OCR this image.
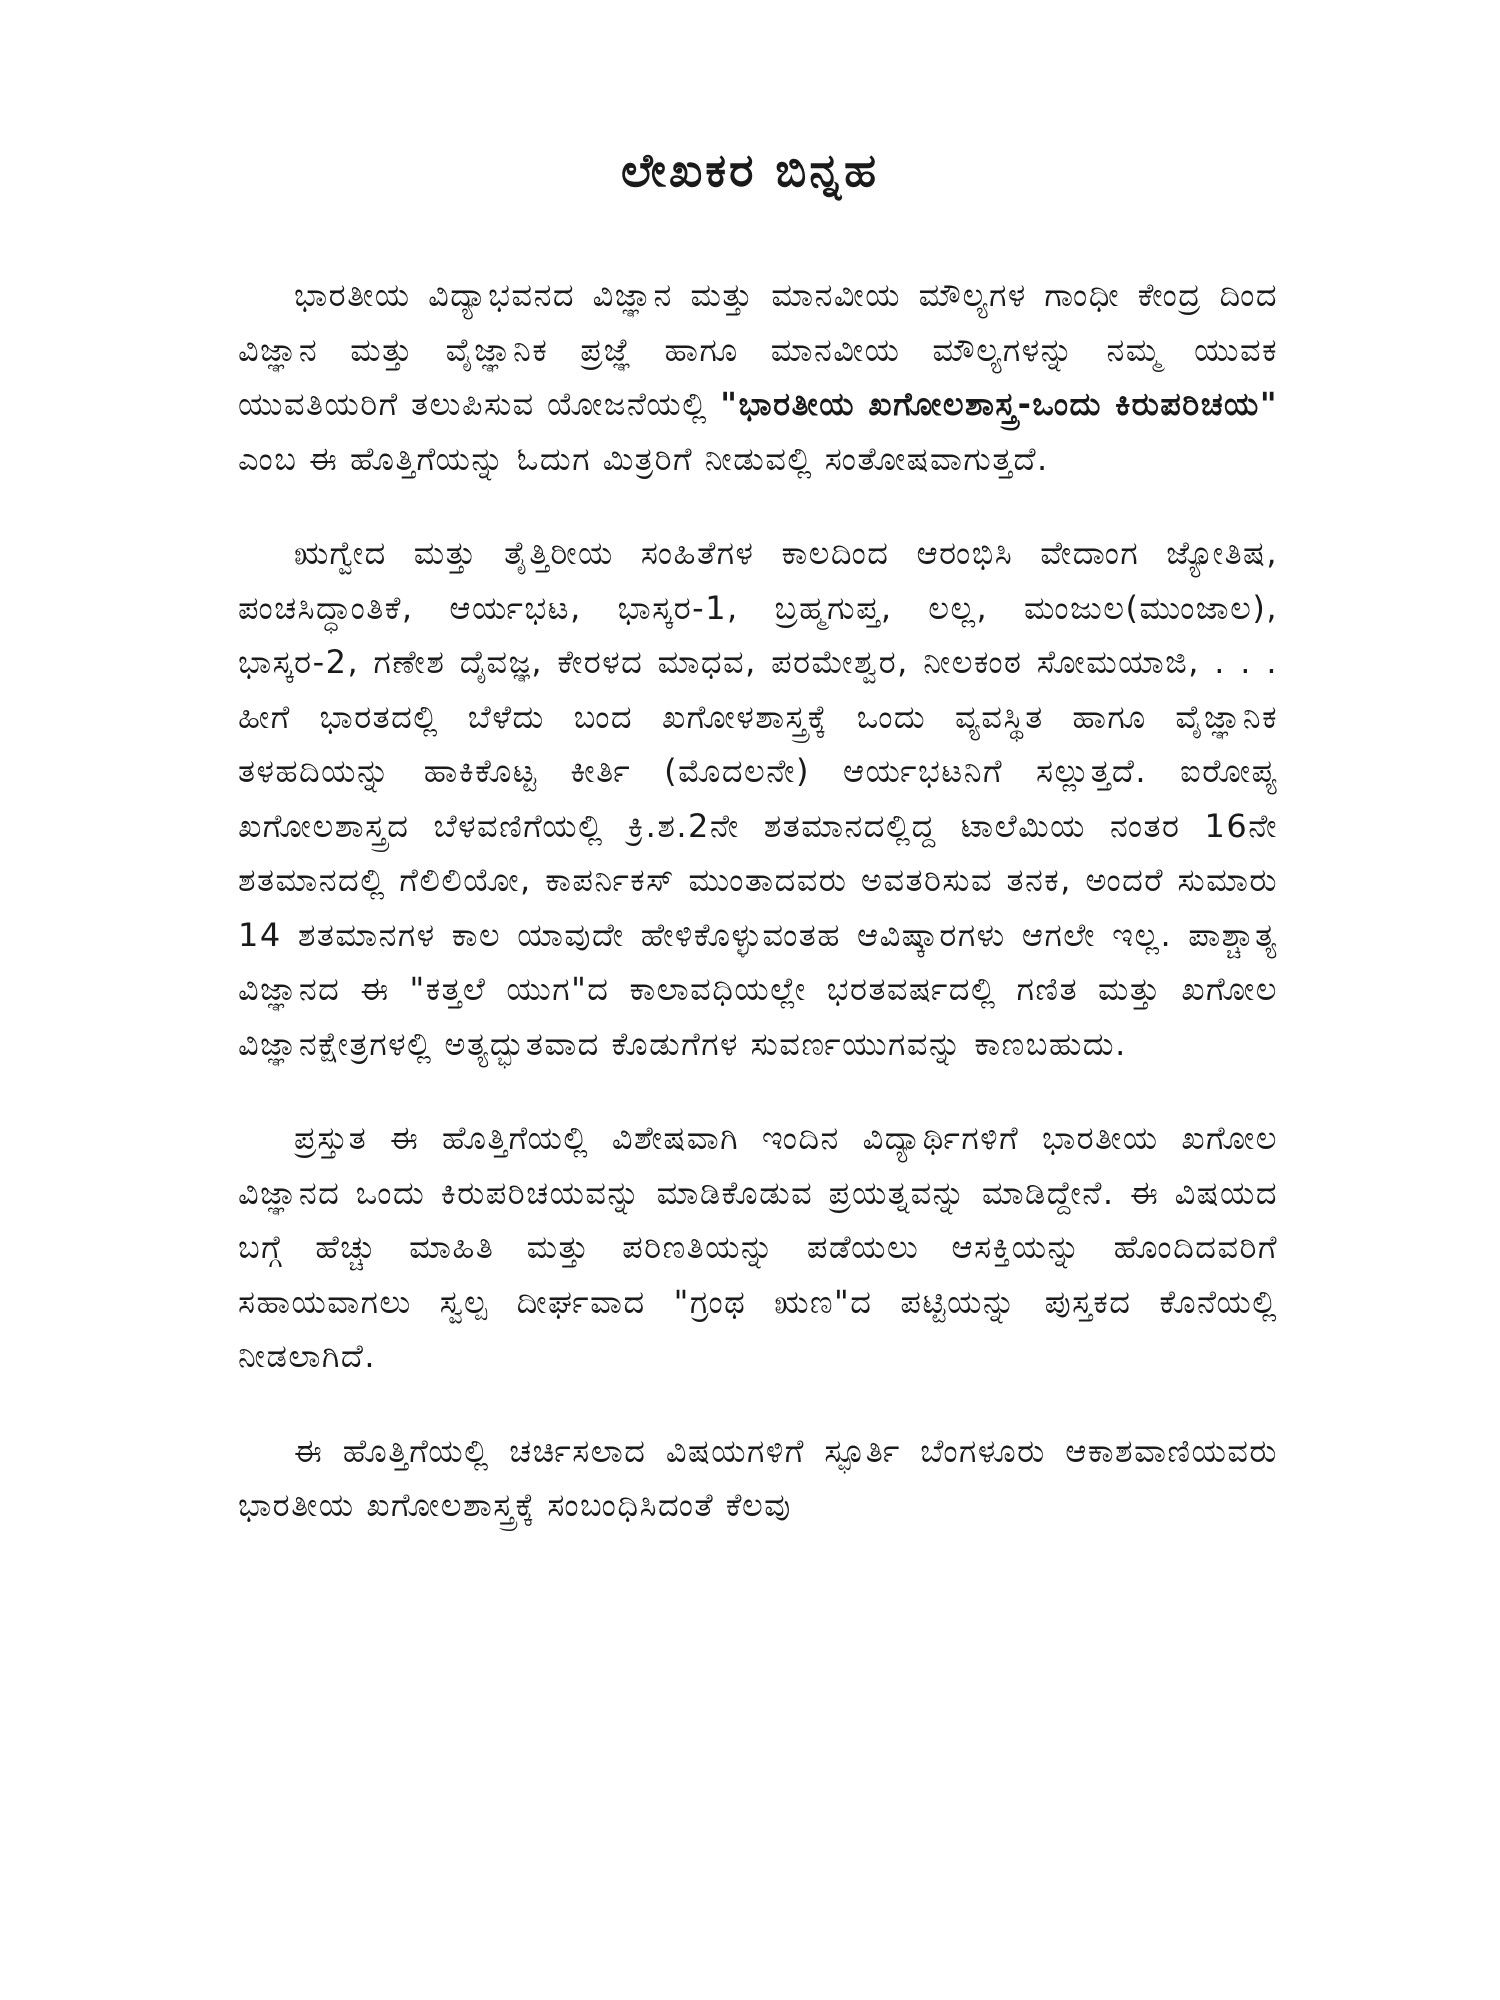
ಲೇಖಕರ ಬಿನ್ನಹ

ಭಾರತೀಯ ವಿದ್ಯಾಭವನದ ವಿಜ್ಞಾನ ಮತ್ತು ಮಾನವೀಯ ಮೌಲ್ಯಗಳ ಗಾಂಧೀ ಕೇಂದ್ರ ದಿಂದ ವಿಜ್ಞಾನ ಮತ್ತು ವೈಜ್ಞಾನಿಕ ಪ್ರಜ್ಞೆ ಹಾಗೂ ಮಾನವೀಯ ಮೌಲ್ಯಗಳನ್ನು ನಮ್ಮ ಯುವಕ ಯುವತಿಯರಿಗೆ ತಲುಪಿಸುವ ಯೋಜನೆಯಲ್ಲಿ "ಭಾರತೀಯ ಖಗೋಲಶಾಸ್ತ್ರ-ಒಂದು ಕಿರುಪರಿಚಯ" ಎಂಬ ಈ ಹೊತ್ತಿಗೆಯನ್ನು ಓದುಗ ಮಿತ್ರರಿಗೆ ನೀಡುವಲ್ಲಿ ಸಂತೋಷವಾಗುತ್ತದೆ.

ಋಗ್ವೇದ ಮತ್ತು ತೈತ್ತಿರೀಯ ಸಂಹಿತೆಗಳ ಕಾಲದಿಂದ ಆರಂಭಿಸಿ ವೇದಾಂಗ ಜ್ಯೋತಿಷ, ಪಂಚಸಿದ್ಧಾಂತಿಕೆ, ಆರ್ಯಭಟ, ಭಾಸ್ಕರ-1, ಬ್ರಹ್ಮಗುಪ್ತ, ಲಲ್ಲ, ಮಂಜುಲ(ಮುಂಜಾಲ), ಭಾಸ್ಕರ-2, ಗಣೇಶ ದೈವಜ್ಞ, ಕೇರಳದ ಮಾಧವ, ಪರಮೇಶ್ವರ, ನೀಲಕಂಠ ಸೋಮಯಾಜಿ, . . . ಹೀಗೆ ಭಾರತದಲ್ಲಿ ಬೆಳೆದು ಬಂದ ಖಗೋಳಶಾಸ್ತ್ರಕ್ಕೆ ಒಂದು ವ್ಯವಸ್ಥಿತ ಹಾಗೂ ವೈಜ್ಞಾನಿಕ ತಳಹದಿಯನ್ನು ಹಾಕಿಕೊಟ್ಟ ಕೀರ್ತಿ (ಮೊದಲನೇ) ಆರ್ಯಭಟನಿಗೆ ಸಲ್ಲುತ್ತದೆ. ಐರೋಪ್ಯ ಖಗೋಲಶಾಸ್ತ್ರದ ಬೆಳವಣಿಗೆಯಲ್ಲಿ ಕ್ರಿ.ಶ.2ನೇ ಶತಮಾನದಲ್ಲಿದ್ದ ಟಾಲೆಮಿಯ ನಂತರ 16ನೇ ಶತಮಾನದಲ್ಲಿ ಗೆಲಿಲಿಯೋ, ಕಾಪರ್ನಿಕಸ್ ಮುಂತಾದವರು ಅವತರಿಸುವ ತನಕ, ಅಂದರೆ ಸುಮಾರು 14 ಶತಮಾನಗಳ ಕಾಲ ಯಾವುದೇ ಹೇಳಿಕೊಳ್ಳುವಂತಹ ಆವಿಷ್ಕಾರಗಳು ಆಗಲೇ ಇಲ್ಲ. ಪಾಶ್ಚಾತ್ಯ ವಿಜ್ಞಾನದ ಈ "ಕತ್ತಲೆ ಯುಗ"ದ ಕಾಲಾವಧಿಯಲ್ಲೇ ಭರತವರ್ಷದಲ್ಲಿ ಗಣಿತ ಮತ್ತು ಖಗೋಲ ವಿಜ್ಞಾನಕ್ಷೇತ್ರಗಳಲ್ಲಿ ಅತ್ಯದ್ಭುತವಾದ ಕೊಡುಗೆಗಳ ಸುವರ್ಣಯುಗವನ್ನು ಕಾಣಬಹುದು.

ಪ್ರಸ್ತುತ ಈ ಹೊತ್ತಿಗೆಯಲ್ಲಿ ವಿಶೇಷವಾಗಿ ಇಂದಿನ ವಿದ್ಯಾರ್ಥಿಗಳಿಗೆ ಭಾರತೀಯ ಖಗೋಲ ವಿಜ್ಞಾನದ ಒಂದು ಕಿರುಪರಿಚಯವನ್ನು ಮಾಡಿಕೊಡುವ ಪ್ರಯತ್ನವನ್ನು ಮಾಡಿದ್ದೇನೆ. ಈ ವಿಷಯದ ಬಗ್ಗೆ ಹೆಚ್ಚು ಮಾಹಿತಿ ಮತ್ತು ಪರಿಣತಿಯನ್ನು ಪಡೆಯಲು ಆಸಕ್ತಿಯನ್ನು ಹೊಂದಿದವರಿಗೆ ಸಹಾಯವಾಗಲು ಸ್ವಲ್ಪ ದೀರ್ಘವಾದ "ಗ್ರಂಥ ಋಣ"ದ ಪಟ್ಟಿಯನ್ನು ಪುಸ್ತಕದ ಕೊನೆಯಲ್ಲಿ ನೀಡಲಾಗಿದೆ.

ಈ ಹೊತ್ತಿಗೆಯಲ್ಲಿ ಚರ್ಚಿಸಲಾದ ವಿಷಯಗಳಿಗೆ ಸ್ಫೂರ್ತಿ ಬೆಂಗಳೂರು ಆಕಾಶವಾಣಿಯವರು ಭಾರತೀಯ ಖಗೋಲಶಾಸ್ತ್ರಕ್ಕೆ ಸಂಬಂಧಿಸಿದಂತೆ ಕೆಲವು
